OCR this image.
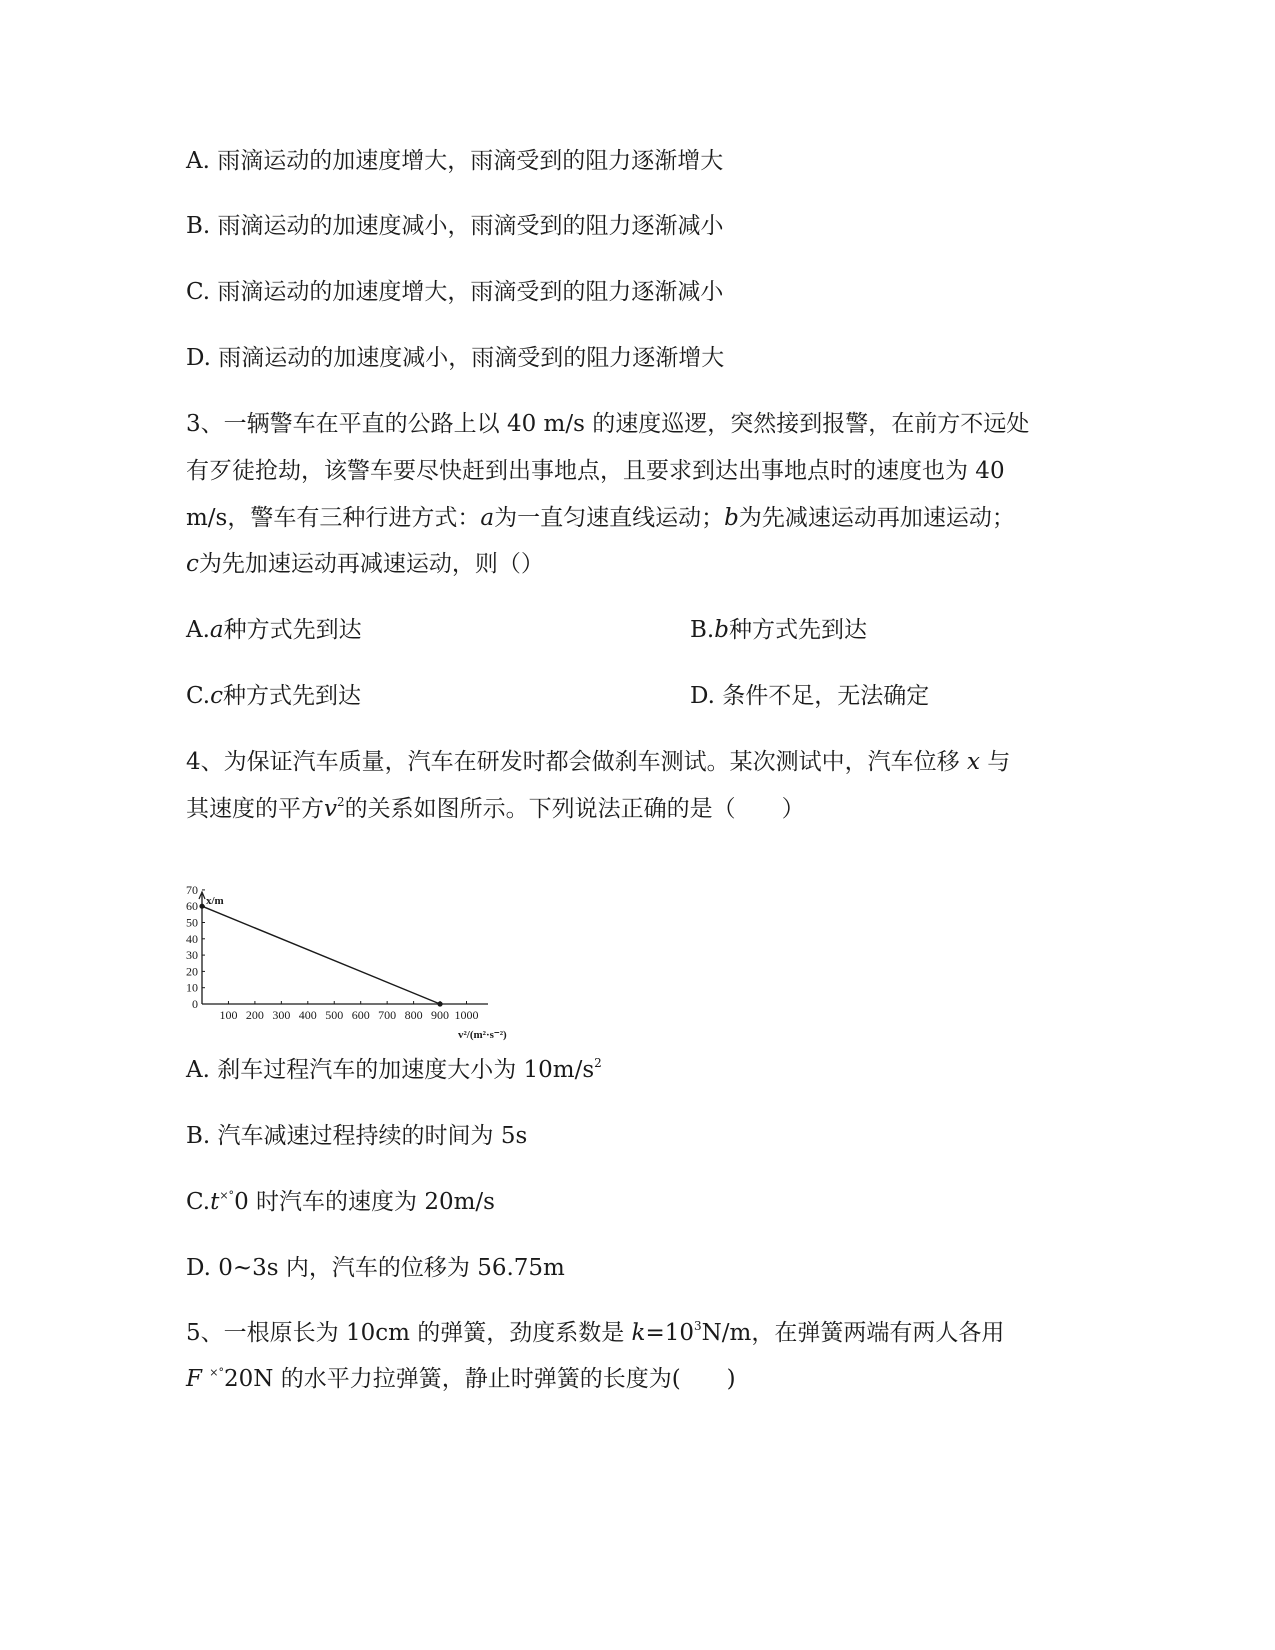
A. 雨滴运动的加速度增大，雨滴受到的阻力逐渐增大
B. 雨滴运动的加速度减小，雨滴受到的阻力逐渐减小
C. 雨滴运动的加速度增大，雨滴受到的阻力逐渐减小
D. 雨滴运动的加速度减小，雨滴受到的阻力逐渐增大
3、一辆警车在平直的公路上以 40 m/s 的速度巡逻，突然接到报警，在前方不远处
有歹徒抢劫，该警车要尽快赶到出事地点，且要求到达出事地点时的速度也为 40
m/s，警车有三种行进方式：a为一直匀速直线运动；b为先减速运动再加速运动；
c为先加速运动再减速运动，则（）
A.a种方式先到达	B.b种方式先到达
C.c种方式先到达	D. 条件不足，无法确定
4、为保证汽车质量，汽车在研发时都会做刹车测试。某次测试中，汽车位移 x 与
其速度的平方$v^2$的关系如图所示。下列说法正确的是（　　）
0
10
20
30
40
50
60
70
100 200 300 400 500 600 700 800 900 1000
x/m
v²/(m²·s⁻²)
A. 刹车过程汽车的加速度大小为 $10m/s^2$
B. 汽车减速过程持续的时间为 5s
C.t×°0 时汽车的速度为 20m/s
D. 0~3s 内，汽车的位移为 56.75m
5、一根原长为 10cm 的弹簧，劲度系数是 $k=10^3N/m$，在弹簧两端有两人各用
F ×°20N 的水平力拉弹簧，静止时弹簧的长度为(　　)
